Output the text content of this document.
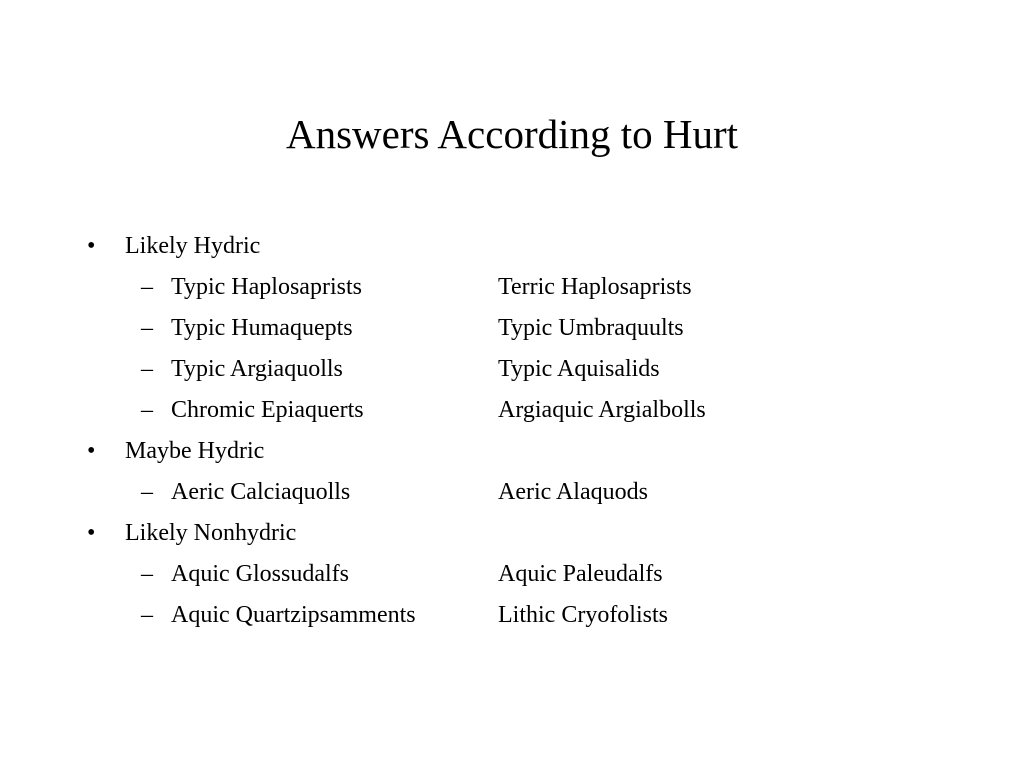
Answers According to Hurt
• Likely Hydric
– Typic Haplosaprists	Terric Haplosaprists
– Typic Humaquepts	Typic Umbraquults
– Typic Argiaquolls	Typic Aquisalids
– Chromic Epiaquerts	Argiaquic Argialbolls
• Maybe Hydric
– Aeric Calciaquolls	Aeric Alaquods
• Likely Nonhydric
– Aquic Glossudalfs	Aquic Paleudalfs
– Aquic Quartzipsamments	Lithic Cryofolists
